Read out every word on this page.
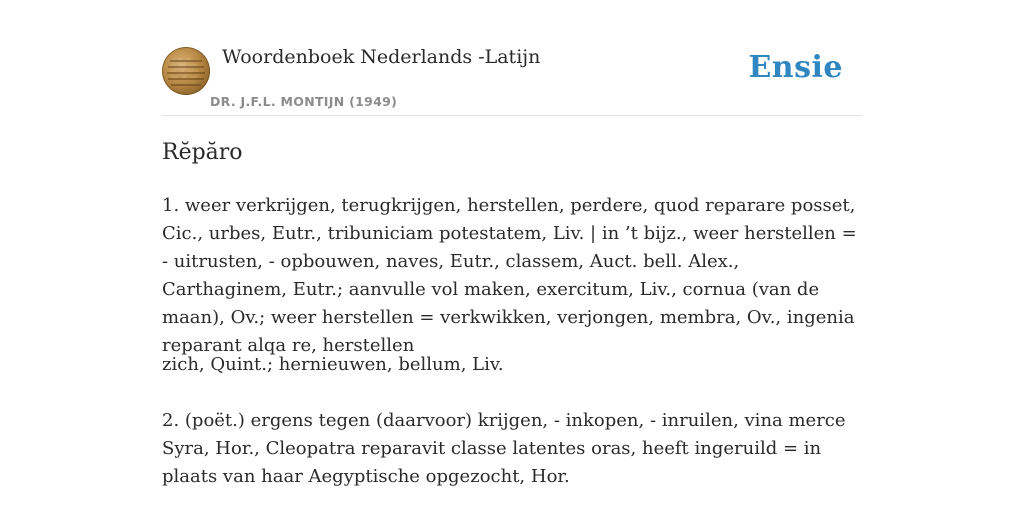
Woordenboek Nederlands -Latijn
DR. J.F.L. MONTIJN (1949)
Ensie
Rĕpăro

1. weer verkrijgen, terugkrijgen, herstellen, perdere, quod reparare posset, Cic., urbes, Eutr., tribuniciam potestatem, Liv. | in ’t bijz., weer herstellen = - uitrusten, - opbouwen, naves, Eutr., classem, Auct. bell. Alex., Carthaginem, Eutr.; aanvulle vol maken, exercitum, Liv., cornua (van de maan), Ov.; weer herstellen = verkwikken, verjongen, membra, Ov., ingenia reparant alqa re, herstellen

zich, Quint.; hernieuwen, bellum, Liv.

2. (poët.) ergens tegen (daarvoor) krijgen, - inkopen, - inruilen, vina merce Syra, Hor., Cleopatra reparavit classe latentes oras, heeft ingeruild = in plaats van haar Aegyptische opgezocht, Hor.
